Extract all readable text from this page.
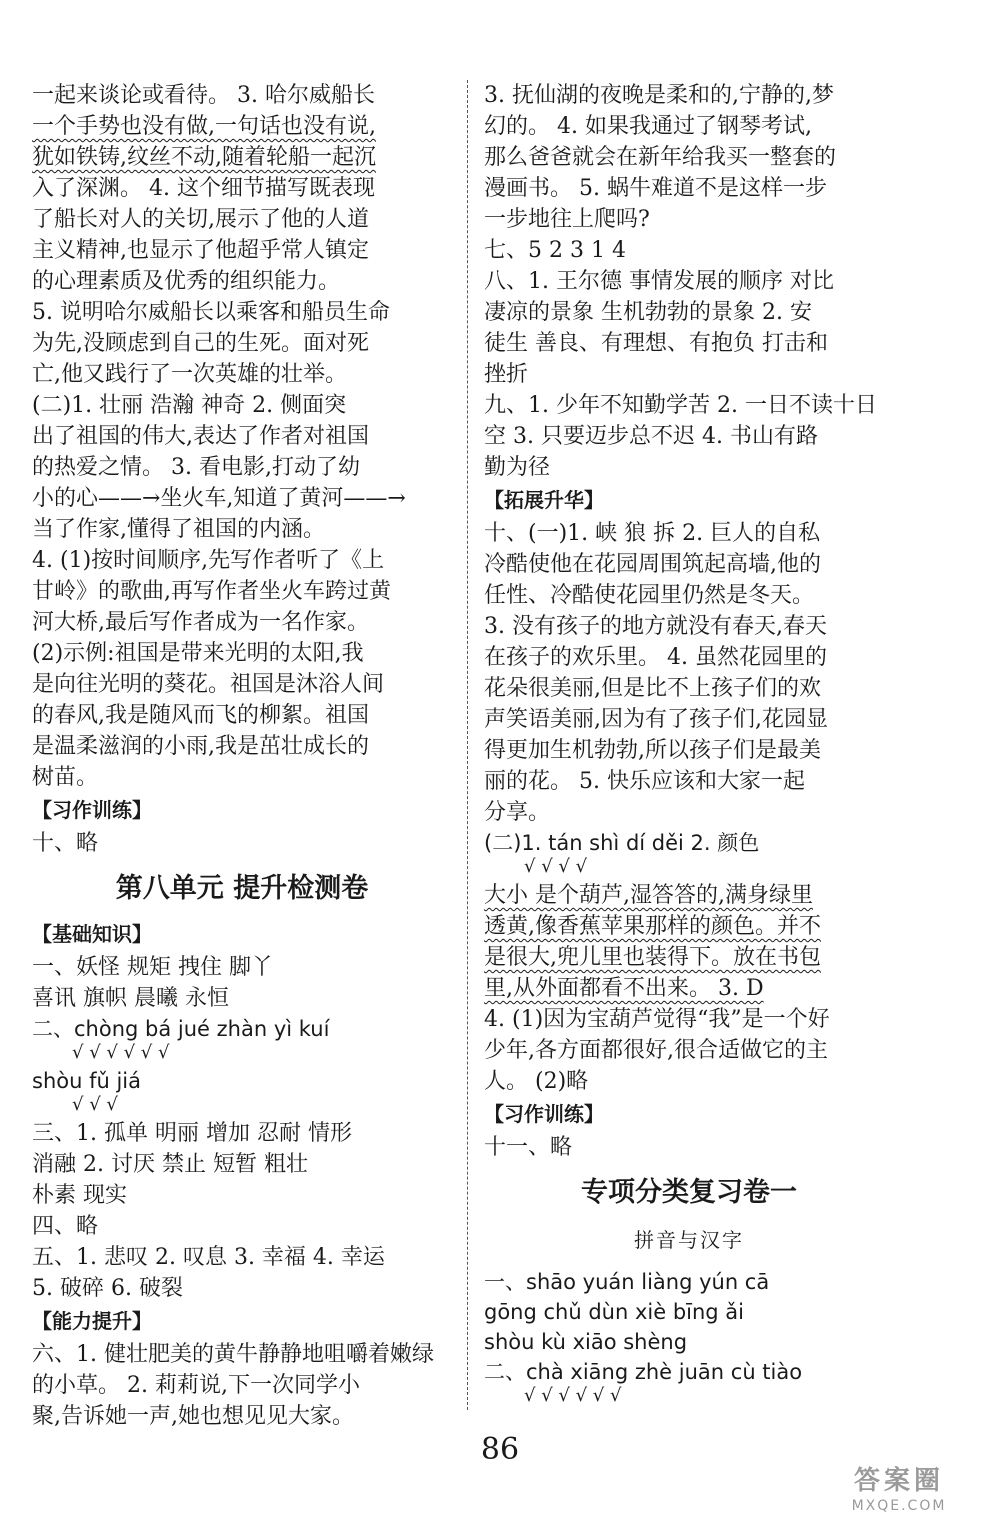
一起来谈论或看待。 3. 哈尔威船长
一个手势也没有做,一句话也没有说,
犹如铁铸,纹丝不动,随着轮船一起沉
入了深渊。 4. 这个细节描写既表现
了船长对人的关切,展示了他的人道
主义精神,也显示了他超乎常人镇定
的心理素质及优秀的组织能力。
5. 说明哈尔威船长以乘客和船员生命
为先,没顾虑到自己的生死。面对死
亡,他又践行了一次英雄的壮举。
(二)1. 壮丽 浩瀚 神奇 2. 侧面突
出了祖国的伟大,表达了作者对祖国
的热爱之情。 3. 看电影,打动了幼
小的心——→坐火车,知道了黄河——→
当了作家,懂得了祖国的内涵。
4. (1)按时间顺序,先写作者听了《上
甘岭》的歌曲,再写作者坐火车跨过黄
河大桥,最后写作者成为一名作家。
(2)示例:祖国是带来光明的太阳,我
是向往光明的葵花。祖国是沐浴人间
的春风,我是随风而飞的柳絮。祖国
是温柔滋润的小雨,我是茁壮成长的
树苗。
【习作训练】
十、略
第八单元 提升检测卷
【基础知识】
一、妖怪 规矩 拽住 脚丫
喜讯 旗帜 晨曦 永恒
二、chòng bá jué zhàn yì kuí
√ √ √ √ √ √
shòu fǔ jiá
√ √ √
三、1. 孤单 明丽 增加 忍耐 情形
消融 2. 讨厌 禁止 短暂 粗壮
朴素 现实
四、略
五、1. 悲叹 2. 叹息 3. 幸福 4. 幸运
5. 破碎 6. 破裂
【能力提升】
六、1. 健壮肥美的黄牛静静地咀嚼着嫩绿
的小草。 2. 莉莉说,下一次同学小
聚,告诉她一声,她也想见见大家。
3. 抚仙湖的夜晚是柔和的,宁静的,梦
幻的。 4. 如果我通过了钢琴考试,
那么爸爸就会在新年给我买一整套的
漫画书。 5. 蜗牛难道不是这样一步
一步地往上爬吗?
七、5 2 3 1 4
八、1. 王尔德 事情发展的顺序 对比
凄凉的景象 生机勃勃的景象 2. 安
徒生 善良、有理想、有抱负 打击和
挫折
九、1. 少年不知勤学苦 2. 一日不读十日
空 3. 只要迈步总不迟 4. 书山有路
勤为径
【拓展升华】
十、(一)1. 峡 狼 拆 2. 巨人的自私
冷酷使他在花园周围筑起高墙,他的
任性、冷酷使花园里仍然是冬天。
3. 没有孩子的地方就没有春天,春天
在孩子的欢乐里。 4. 虽然花园里的
花朵很美丽,但是比不上孩子们的欢
声笑语美丽,因为有了孩子们,花园显
得更加生机勃勃,所以孩子们是最美
丽的花。 5. 快乐应该和大家一起
分享。
(二)1. tán shì dí děi 2. 颜色
√ √ √ √
大小 是个葫芦,湿答答的,满身绿里
透黄,像香蕉苹果那样的颜色。并不
是很大,兜儿里也装得下。放在书包
里,从外面都看不出来。 3. D
4. (1)因为宝葫芦觉得“我”是一个好
少年,各方面都很好,很合适做它的主
人。 (2)略
【习作训练】
十一、略
专项分类复习卷一
拼音与汉字
一、shāo yuán liàng yún cā
gōng chǔ dùn xiè bīng ǎi
shòu kù xiāo shèng
二、chà xiāng zhè juān cù tiào
√ √ √ √ √ √
86
答案圈
MXQE.COM
